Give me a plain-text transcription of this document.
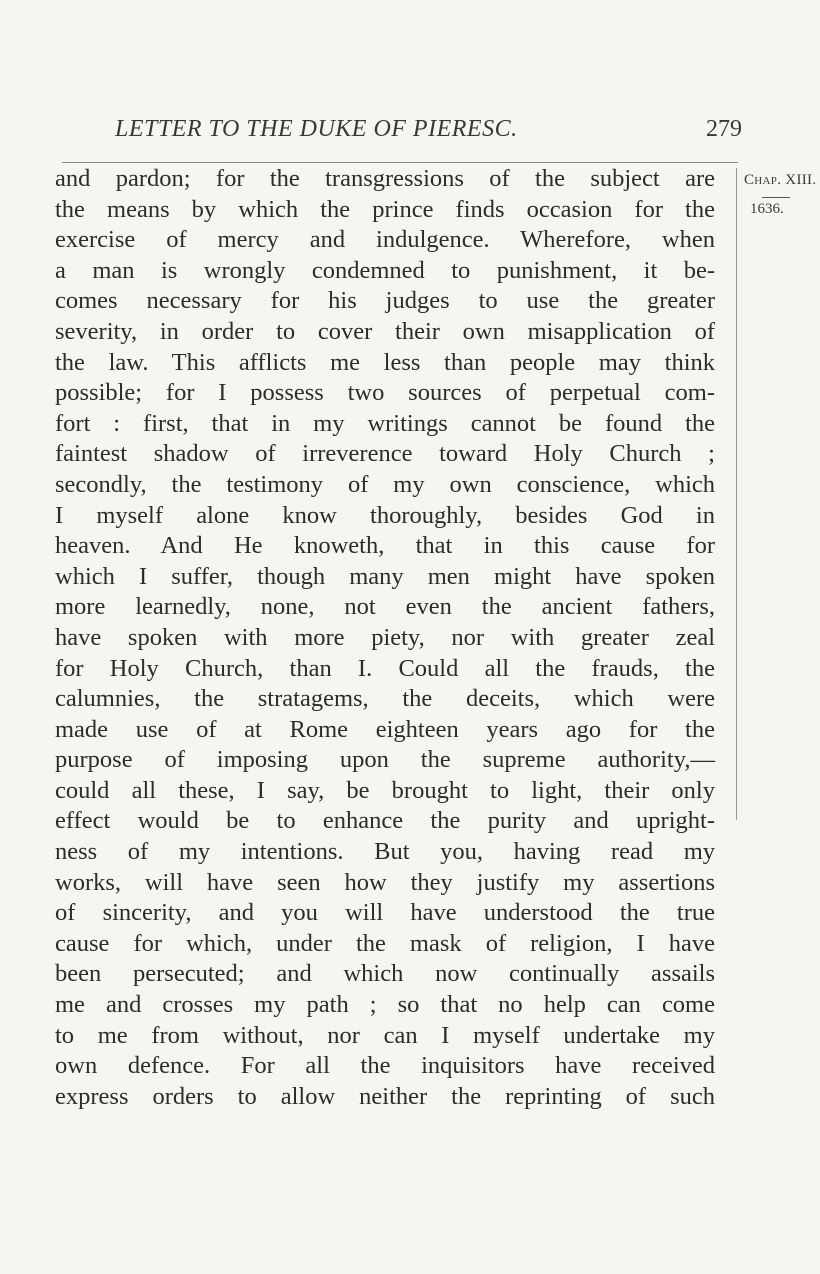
LETTER TO THE DUKE OF PIERESC.	279
and pardon; for the transgressions of the subject are
the means by which the prince finds occasion for the
exercise of mercy and indulgence. Wherefore, when
a man is wrongly condemned to punishment, it be-
comes necessary for his judges to use the greater
severity, in order to cover their own misapplication of
the law. This afflicts me less than people may think
possible; for I possess two sources of perpetual com-
fort : first, that in my writings cannot be found the
faintest shadow of irreverence toward Holy Church ;
secondly, the testimony of my own conscience, which
I myself alone know thoroughly, besides God in
heaven. And He knoweth, that in this cause for
which I suffer, though many men might have spoken
more learnedly, none, not even the ancient fathers,
have spoken with more piety, nor with greater zeal
for Holy Church, than I. Could all the frauds, the
calumnies, the stratagems, the deceits, which were
made use of at Rome eighteen years ago for the
purpose of imposing upon the supreme authority,—
could all these, I say, be brought to light, their only
effect would be to enhance the purity and upright-
ness of my intentions. But you, having read my
works, will have seen how they justify my assertions
of sincerity, and you will have understood the true
cause for which, under the mask of religion, I have
been persecuted; and which now continually assails
me and crosses my path ; so that no help can come
to me from without, nor can I myself undertake my
own defence. For all the inquisitors have received
express orders to allow neither the reprinting of such
Chap. XIII.
1636.
